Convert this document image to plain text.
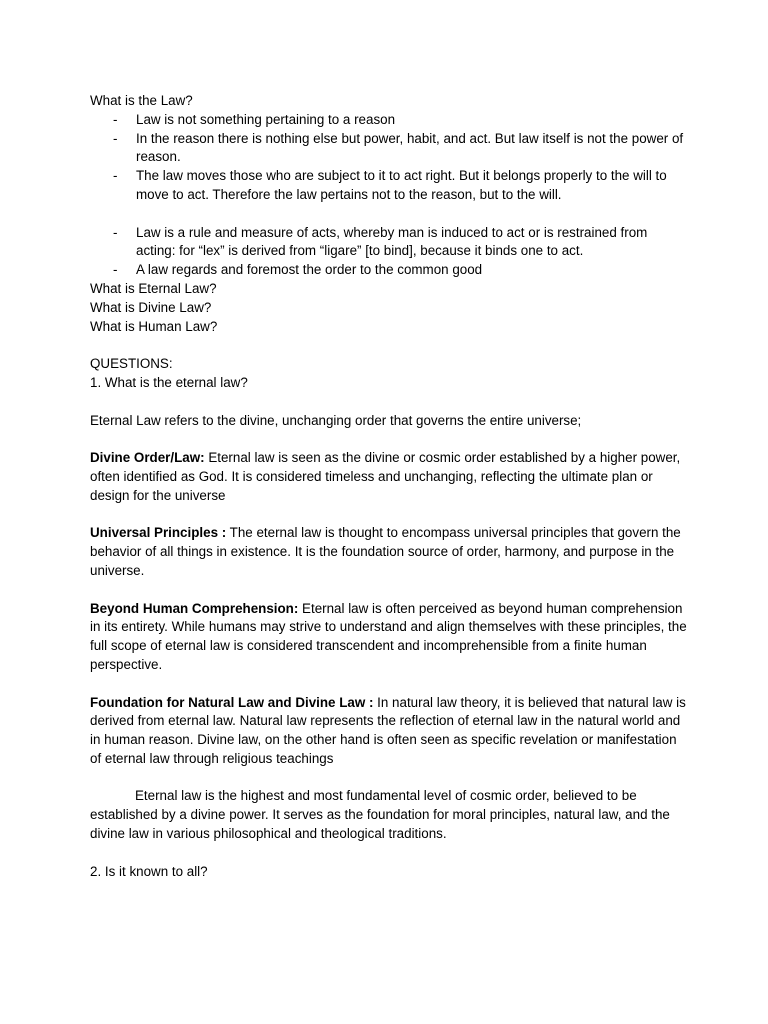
What is the Law?

- Law is not something pertaining to a reason
- In the reason there is nothing else but power, habit, and act. But law itself is not the power of reason.
- The law moves those who are subject to it to act right. But it belongs properly to the will to move to act. Therefore the law pertains not to the reason, but to the will.
- Law is a rule and measure of acts, whereby man is induced to act or is restrained from acting: for “lex” is derived from “ligare” [to bind], because it binds one to act.
- A law regards and foremost the order to the common good

What is Eternal Law?

What is Divine Law?

What is Human Law?

QUESTIONS:

1. What is the eternal law?

Eternal Law refers to the divine, unchanging order that governs the entire universe;

Divine Order/Law: Eternal law is seen as the divine or cosmic order established by a higher power, often identified as God. It is considered timeless and unchanging, reflecting the ultimate plan or design for the universe

Universal Principles : The eternal law is thought to encompass universal principles that govern the behavior of all things in existence. It is the foundation source of order, harmony, and purpose in the universe.

Beyond Human Comprehension: Eternal law is often perceived as beyond human comprehension in its entirety. While humans may strive to understand and align themselves with these principles, the full scope of eternal law is considered transcendent and incomprehensible from a finite human perspective.

Foundation for Natural Law and Divine Law : In natural law theory, it is believed that natural law is derived from eternal law. Natural law represents the reflection of eternal law in the natural world and in human reason. Divine law, on the other hand is often seen as specific revelation or manifestation of eternal law through religious teachings

Eternal law is the highest and most fundamental level of cosmic order, believed to be established by a divine power. It serves as the foundation for moral principles, natural law, and the divine law in various philosophical and theological traditions.

2. Is it known to all?
